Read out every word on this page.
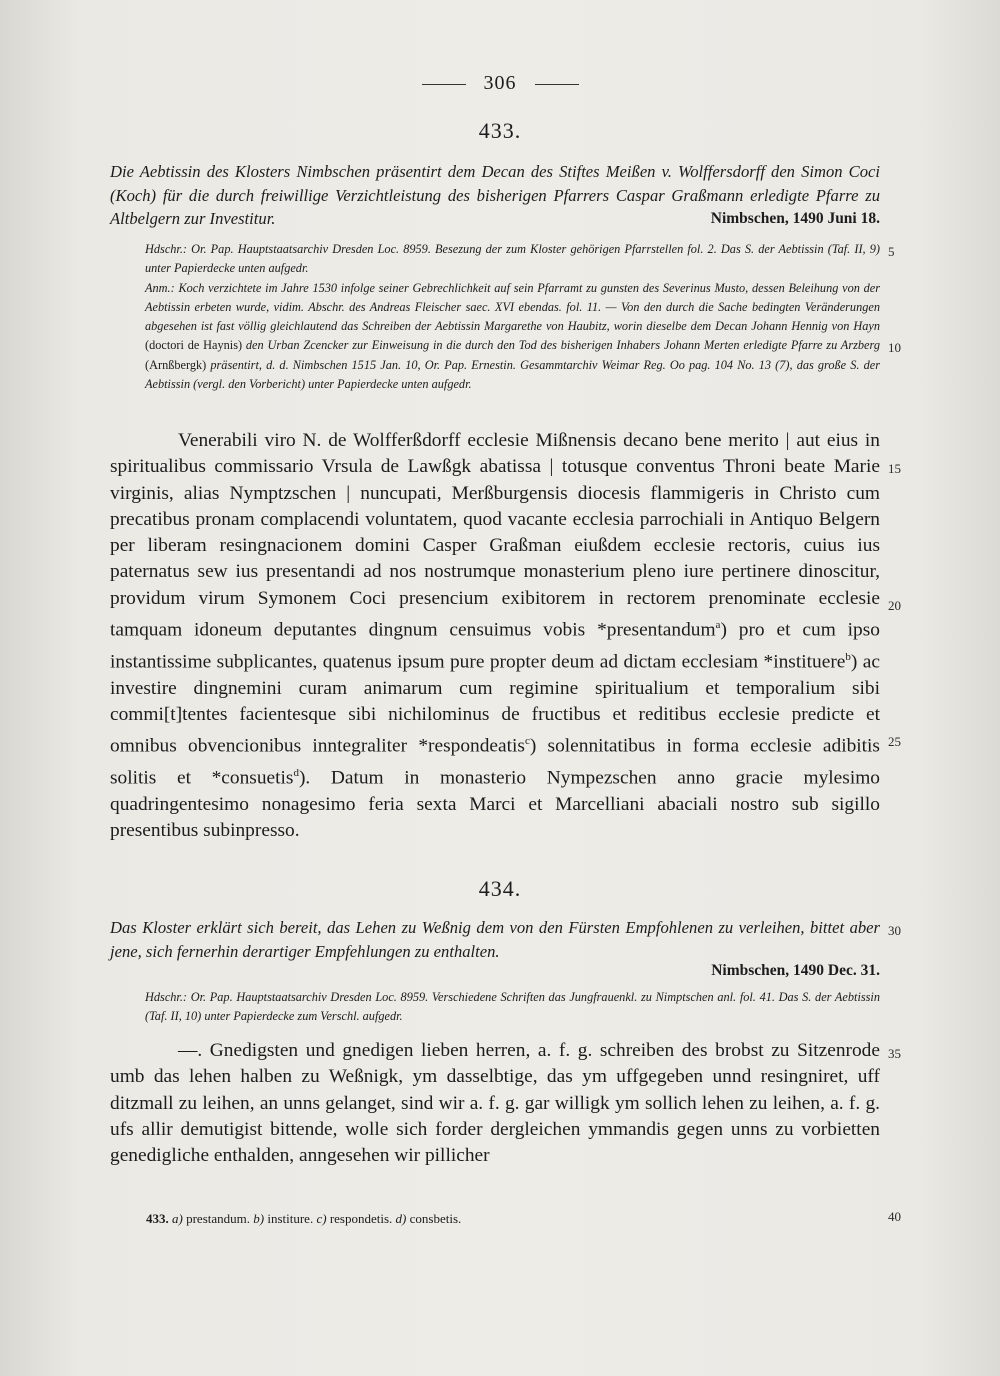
306
433.
Die Aebtissin des Klosters Nimbschen präsentirt dem Decan des Stiftes Meißen v. Wolffersdorff den Simon Coci (Koch) für die durch freiwillige Verzichtleistung des bisherigen Pfarrers Caspar Graßmann erledigte Pfarre zu Altbelgern zur Investitur.	Nimbschen, 1490 Juni 18.

Hdschr.: Or. Pap. Hauptstaatsarchiv Dresden Loc. 8959. Besezung der zum Kloster gehörigen Pfarrstellen fol. 2. Das S. der Aebtissin (Taf. II, 9) unter Papierdecke unten aufgedr.

Anm.: Koch verzichtete im Jahre 1530 infolge seiner Gebrechlichkeit auf sein Pfarramt zu gunsten des Severinus Musto, dessen Beleihung von der Aebtissin erbeten wurde, vidim. Abschr. des Andreas Fleischer saec. XVI ebendas. fol. 11. — Von den durch die Sache bedingten Veränderungen abgesehen ist fast völlig gleichlautend das Schreiben der Aebtissin Margarethe von Haubitz, worin dieselbe dem Decan Johann Hennig von Hayn (doctori de Haynis) den Urban Zcencker zur Einweisung in die durch den Tod des bisherigen Inhabers Johann Merten erledigte Pfarre zu Arzberg (Arnßbergk) präsentirt, d. d. Nimbschen 1515 Jan. 10, Or. Pap. Ernestin. Gesammtarchiv Weimar Reg. Oo pag. 104 No. 13 (7), das große S. der Aebtissin (vergl. den Vorbericht) unter Papierdecke unten aufgedr.

Venerabili viro N. de Wolfferßdorff ecclesie Mißnensis decano bene merito | aut eius in spiritualibus commissario Vrsula de Lawßgk abatissa | totusque conventus Throni beate Marie virginis, alias Nymptzschen | nuncupati, Merßburgensis diocesis flammigeris in Christo cum precatibus pronam complacendi voluntatem, quod vacante ecclesia parrochiali in Antiquo Belgern per liberam resingnacionem domini Casper Graßman eiußdem ecclesie rectoris, cuius ius paternatus sew ius presentandi ad nos nostrumque monasterium pleno iure pertinere dinoscitur, providum virum Symonem Coci presencium exibitorem in rectorem prenominate ecclesie tamquam idoneum deputantes dingnum censuimus vobis *presentandum$^a$) pro et cum ipso instantissime subplicantes, quatenus ipsum pure propter deum ad dictam ecclesiam *instituere$^b$) ac investire dingnemini curam animarum cum regimine spiritualium et temporalium sibi commi[t]tentes facientesque sibi nichilominus de fructibus et reditibus ecclesie predicte et omnibus obvencionibus inntegraliter *respondeatis$^c$) solennitatibus in forma ecclesie adibitis solitis et *consuetis$^d$). Datum in monasterio Nympezschen anno gracie mylesimo quadringentesimo nonagesimo feria sexta Marci et Marcelliani abaciali nostro sub sigillo presentibus subinpresso.

434.
Das Kloster erklärt sich bereit, das Lehen zu Weßnig dem von den Fürsten Empfohlenen zu verleihen, bittet aber jene, sich fernerhin derartiger Empfehlungen zu enthalten.
Nimbschen, 1490 Dec. 31.

Hdschr.: Or. Pap. Hauptstaatsarchiv Dresden Loc. 8959. Verschiedene Schriften das Jungfrauenkl. zu Nimptschen anl. fol. 41. Das S. der Aebtissin (Taf. II, 10) unter Papierdecke zum Verschl. aufgedr.

—. Gnedigsten und gnedigen lieben herren, a. f. g. schreiben des brobst zu Sitzenrode umb das lehen halben zu Weßnigk, ym dasselbtige, das ym uffgegeben unnd resingniret, uff ditzmall zu leihen, an unns gelanget, sind wir a. f. g. gar willigk ym sollich lehen zu leihen, a. f. g. ufs allir demutigist bittende, wolle sich forder dergleichen ymmandis gegen unns zu vorbietten genedigliche enthalden, anngesehen wir pillicher

5
10
15
20
25
30
35
40
433. a) prestandum. b) institure. c) respondetis. d) consbetis.
